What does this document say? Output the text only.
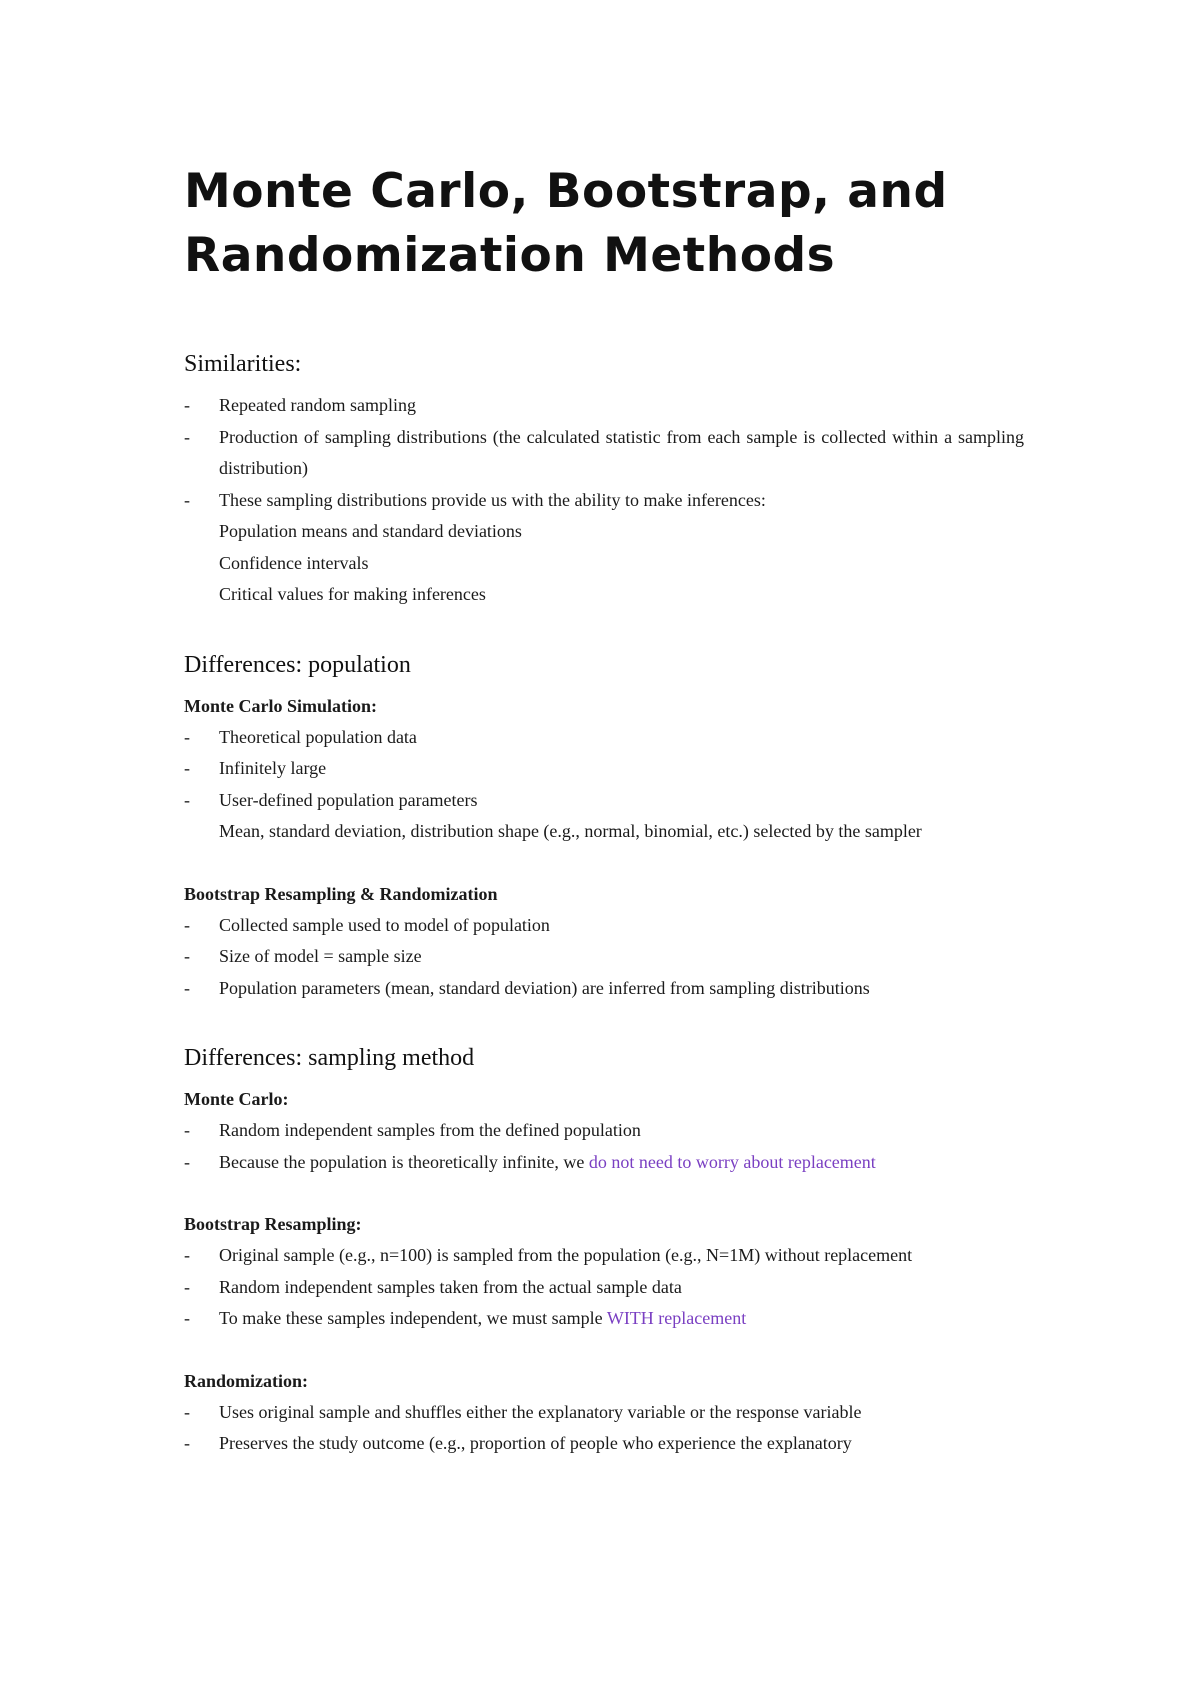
Monte Carlo, Bootstrap, and Randomization Methods
Similarities:
- Repeated random sampling
- Production of sampling distributions (the calculated statistic from each sample is collected within a sampling distribution)
- These sampling distributions provide us with the ability to make inferences:
Population means and standard deviations
Confidence intervals
Critical values for making inferences
Differences: population
Monte Carlo Simulation:
- Theoretical population data
- Infinitely large
- User-defined population parameters
Mean, standard deviation, distribution shape (e.g., normal, binomial, etc.) selected by the sampler
Bootstrap Resampling & Randomization
- Collected sample used to model of population
- Size of model = sample size
- Population parameters (mean, standard deviation) are inferred from sampling distributions
Differences: sampling method
Monte Carlo:
- Random independent samples from the defined population
- Because the population is theoretically infinite, we do not need to worry about replacement
Bootstrap Resampling:
- Original sample (e.g., n=100) is sampled from the population (e.g., N=1M) without replacement
- Random independent samples taken from the actual sample data
- To make these samples independent, we must sample WITH replacement
Randomization:
- Uses original sample and shuffles either the explanatory variable or the response variable
- Preserves the study outcome (e.g., proportion of people who experience the explanatory
